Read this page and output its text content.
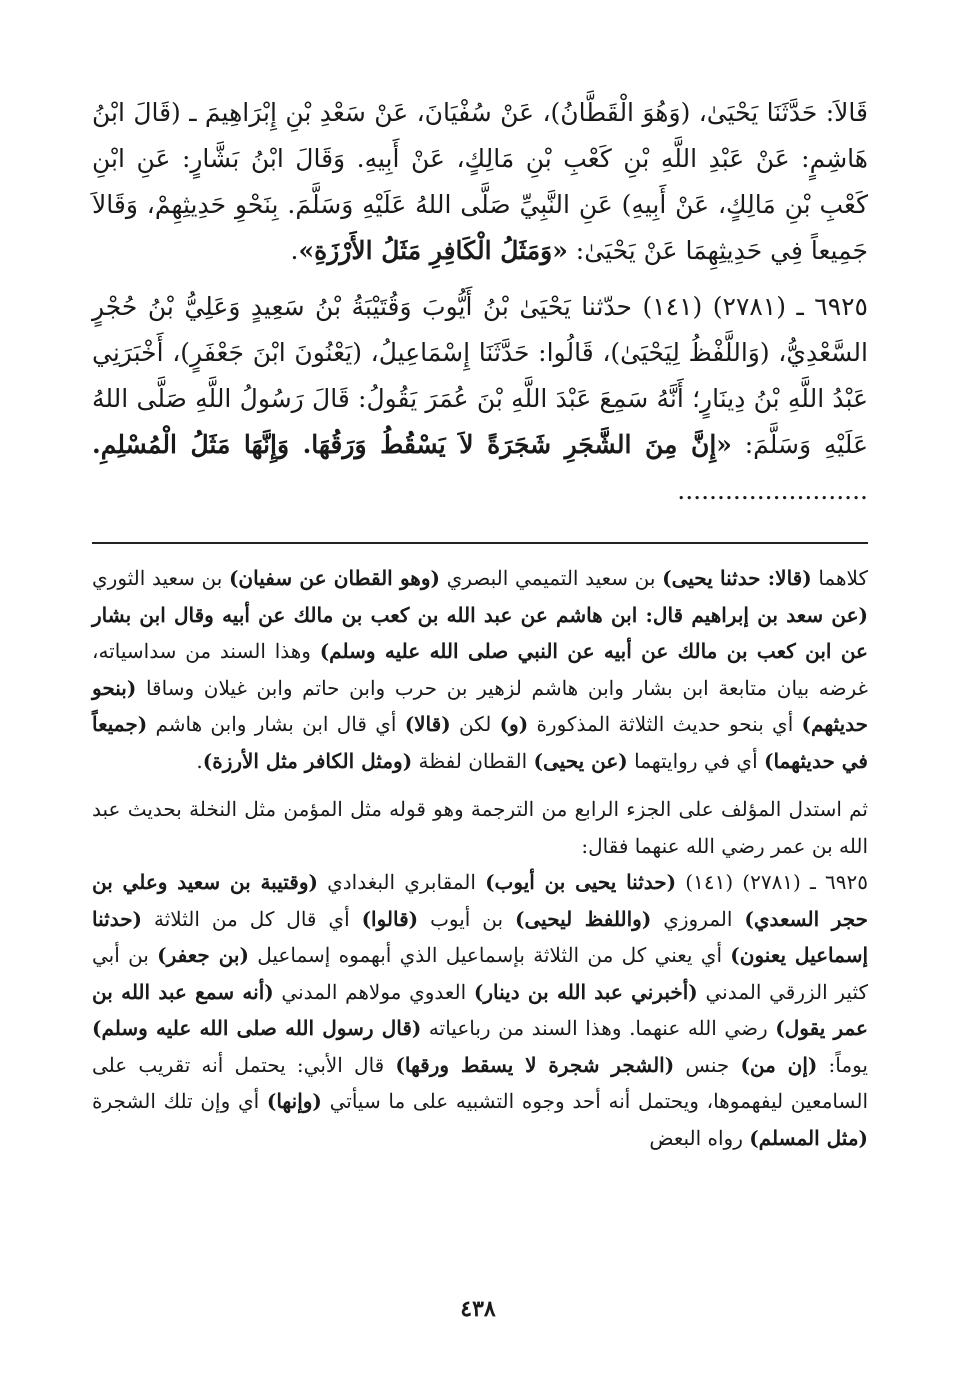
قَالاَ: حَدَّثَنَا يَحْيَىٰ، (وَهُوَ الْقَطَّانُ)، عَنْ سُفْيَانَ، عَنْ سَعْدِ بْنِ إِبْرَاهِيمَ ـ (قَالَ ابْنُ هَاشِمٍ: عَنْ عَبْدِ اللَّهِ بْنِ كَعْبِ بْنِ مَالِكٍ، عَنْ أَبِيهِ. وَقَالَ ابْنُ بَشَّارٍ: عَنِ ابْنِ كَعْبِ بْنِ مَالِكٍ، عَنْ أَبِيهِ) عَنِ النَّبِيِّ صَلَّى اللهُ عَلَيْهِ وَسَلَّمَ. بِنَحْوِ حَدِيثِهِمْ، وَقَالاَ جَمِيعاً فِي حَدِيثِهِمَا عَنْ يَحْيَىٰ: «وَمَثَلُ الْكَافِرِ مَثَلُ الأَرْزَةِ».

٦٩٢٥ ـ (٢٧٨١) (١٤١) حدّثنا يَحْيَىٰ بْنُ أَيُّوبَ وَقُتَيْبَةُ بْنُ سَعِيدٍ وَعَلِيُّ بْنُ حُجْرٍ السَّعْدِيُّ، (وَاللَّفْظُ لِيَحْيَىٰ)، قَالُوا: حَدَّثَنَا إِسْمَاعِيلُ، (يَعْنُونَ ابْنَ جَعْفَرٍ)، أَخْبَرَنِي عَبْدُ اللَّهِ بْنُ دِينَارٍ؛ أَنَّهُ سَمِعَ عَبْدَ اللَّهِ بْنَ عُمَرَ يَقُولُ: قَالَ رَسُولُ اللَّهِ صَلَّى اللهُ عَلَيْهِ وَسَلَّمَ: «إِنَّ مِنَ الشَّجَرِ شَجَرَةً لاَ يَسْقُطُ وَرَقُهَا. وَإِنَّهَا مَثَلُ الْمُسْلِمِ. ........................

كلاهما (قالا: حدثنا يحيى) بن سعيد التميمي البصري (وهو القطان عن سفيان) بن سعيد الثوري (عن سعد بن إبراهيم قال: ابن هاشم عن عبد الله بن كعب بن مالك عن أبيه وقال ابن بشار عن ابن كعب بن مالك عن أبيه عن النبي صلى الله عليه وسلم) وهذا السند من سداسياته، غرضه بيان متابعة ابن بشار وابن هاشم لزهير بن حرب وابن حاتم وابن غيلان وساقا (بنحو حديثهم) أي بنحو حديث الثلاثة المذكورة (و) لكن (قالا) أي قال ابن بشار وابن هاشم (جميعاً في حديثهما) أي في روايتهما (عن يحيى) القطان لفظة (ومثل الكافر مثل الأرزة).

ثم استدل المؤلف على الجزء الرابع من الترجمة وهو قوله مثل المؤمن مثل النخلة بحديث عبد الله بن عمر رضي الله عنهما فقال:

٦٩٢٥ ـ (٢٧٨١) (١٤١) (حدثنا يحيى بن أيوب) المقابري البغدادي (وقتيبة بن سعيد وعلي بن حجر السعدي) المروزي (واللفظ ليحيى) بن أيوب (قالوا) أي قال كل من الثلاثة (حدثنا إسماعيل يعنون) أي يعني كل من الثلاثة بإسماعيل الذي أبهموه إسماعيل (بن جعفر) بن أبي كثير الزرقي المدني (أخبرني عبد الله بن دينار) العدوي مولاهم المدني (أنه سمع عبد الله بن عمر يقول) رضي الله عنهما. وهذا السند من رباعياته (قال رسول الله صلى الله عليه وسلم) يوماً: (إن من) جنس (الشجر شجرة لا يسقط ورقها) قال الأبي: يحتمل أنه تقريب على السامعين ليفهموها، ويحتمل أنه أحد وجوه التشبيه على ما سيأتي (وإنها) أي وإن تلك الشجرة (مثل المسلم) رواه البعض

٤٣٨
